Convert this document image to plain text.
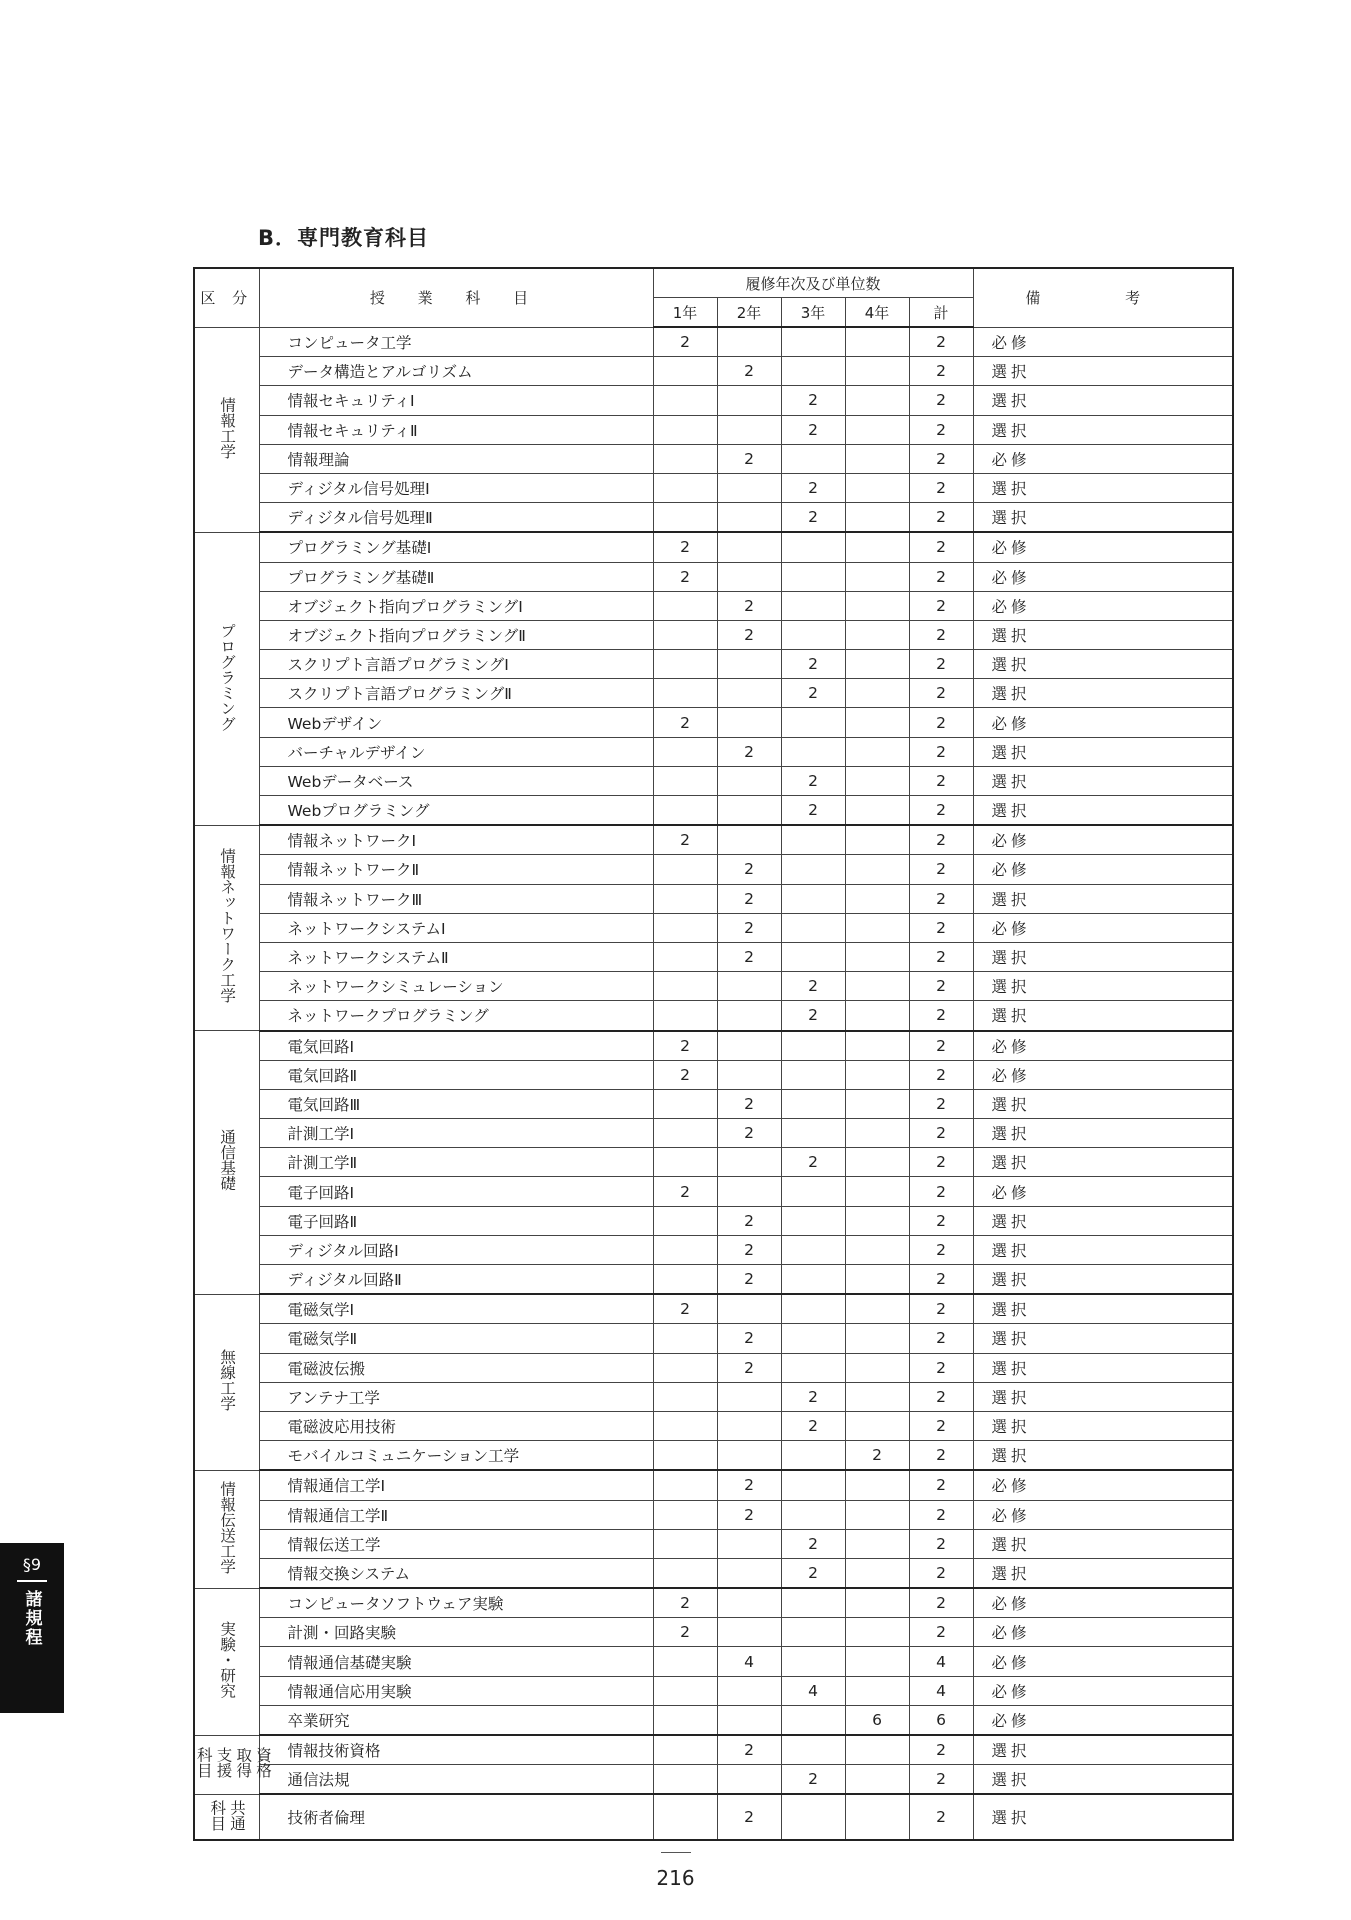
B．専門教育科目
区 分	授 業 科 目	履修年次及び単位数					備 考
		1年	2年	3年	4年	計	
情報工学	コンピュータ工学	2				2	必修
	データ構造とアルゴリズム		2			2	選択
	情報セキュリティⅠ			2		2	選択
	情報セキュリティⅡ			2		2	選択
	情報理論		2			2	必修
	ディジタル信号処理Ⅰ			2		2	選択
	ディジタル信号処理Ⅱ			2		2	選択
プログラミング	プログラミング基礎Ⅰ	2				2	必修
	プログラミング基礎Ⅱ	2				2	必修
	オブジェクト指向プログラミングⅠ		2			2	必修
	オブジェクト指向プログラミングⅡ		2			2	選択
	スクリプト言語プログラミングⅠ			2		2	選択
	スクリプト言語プログラミングⅡ			2		2	選択
	Webデザイン	2				2	必修
	バーチャルデザイン		2			2	選択
	Webデータベース			2		2	選択
	Webプログラミング			2		2	選択
情報ネットワーク工学	情報ネットワークⅠ	2				2	必修
	情報ネットワークⅡ		2			2	必修
	情報ネットワークⅢ		2			2	選択
	ネットワークシステムⅠ		2			2	必修
	ネットワークシステムⅡ		2			2	選択
	ネットワークシミュレーション			2		2	選択
	ネットワークプログラミング			2		2	選択
通信基礎	電気回路Ⅰ	2				2	必修
	電気回路Ⅱ	2				2	必修
	電気回路Ⅲ		2			2	選択
	計測工学Ⅰ		2			2	選択
	計測工学Ⅱ			2		2	選択
	電子回路Ⅰ	2				2	必修
	電子回路Ⅱ		2			2	選択
	ディジタル回路Ⅰ		2			2	選択
	ディジタル回路Ⅱ		2			2	選択
無線工学	電磁気学Ⅰ	2				2	選択
	電磁気学Ⅱ		2			2	選択
	電磁波伝搬		2			2	選択
	アンテナ工学			2		2	選択
	電磁波応用技術			2		2	選択
	モバイルコミュニケーション工学				2	2	選択
情報伝送工学	情報通信工学Ⅰ		2			2	必修
	情報通信工学Ⅱ		2			2	必修
	情報伝送工学			2		2	選択
	情報交換システム			2		2	選択
実験・研究	コンピュータソフトウェア実験	2				2	必修
	計測・回路実験	2				2	必修
	情報通信基礎実験		4			4	必修
	情報通信応用実験			4		4	必修
	卒業研究				6	6	必修

資格
取得
支援
科目	情報技術資格		2			2	選択
	通信法規			2		2	選択

共通
科目	技術者倫理		2			2	選択
§9
諸規程
216
